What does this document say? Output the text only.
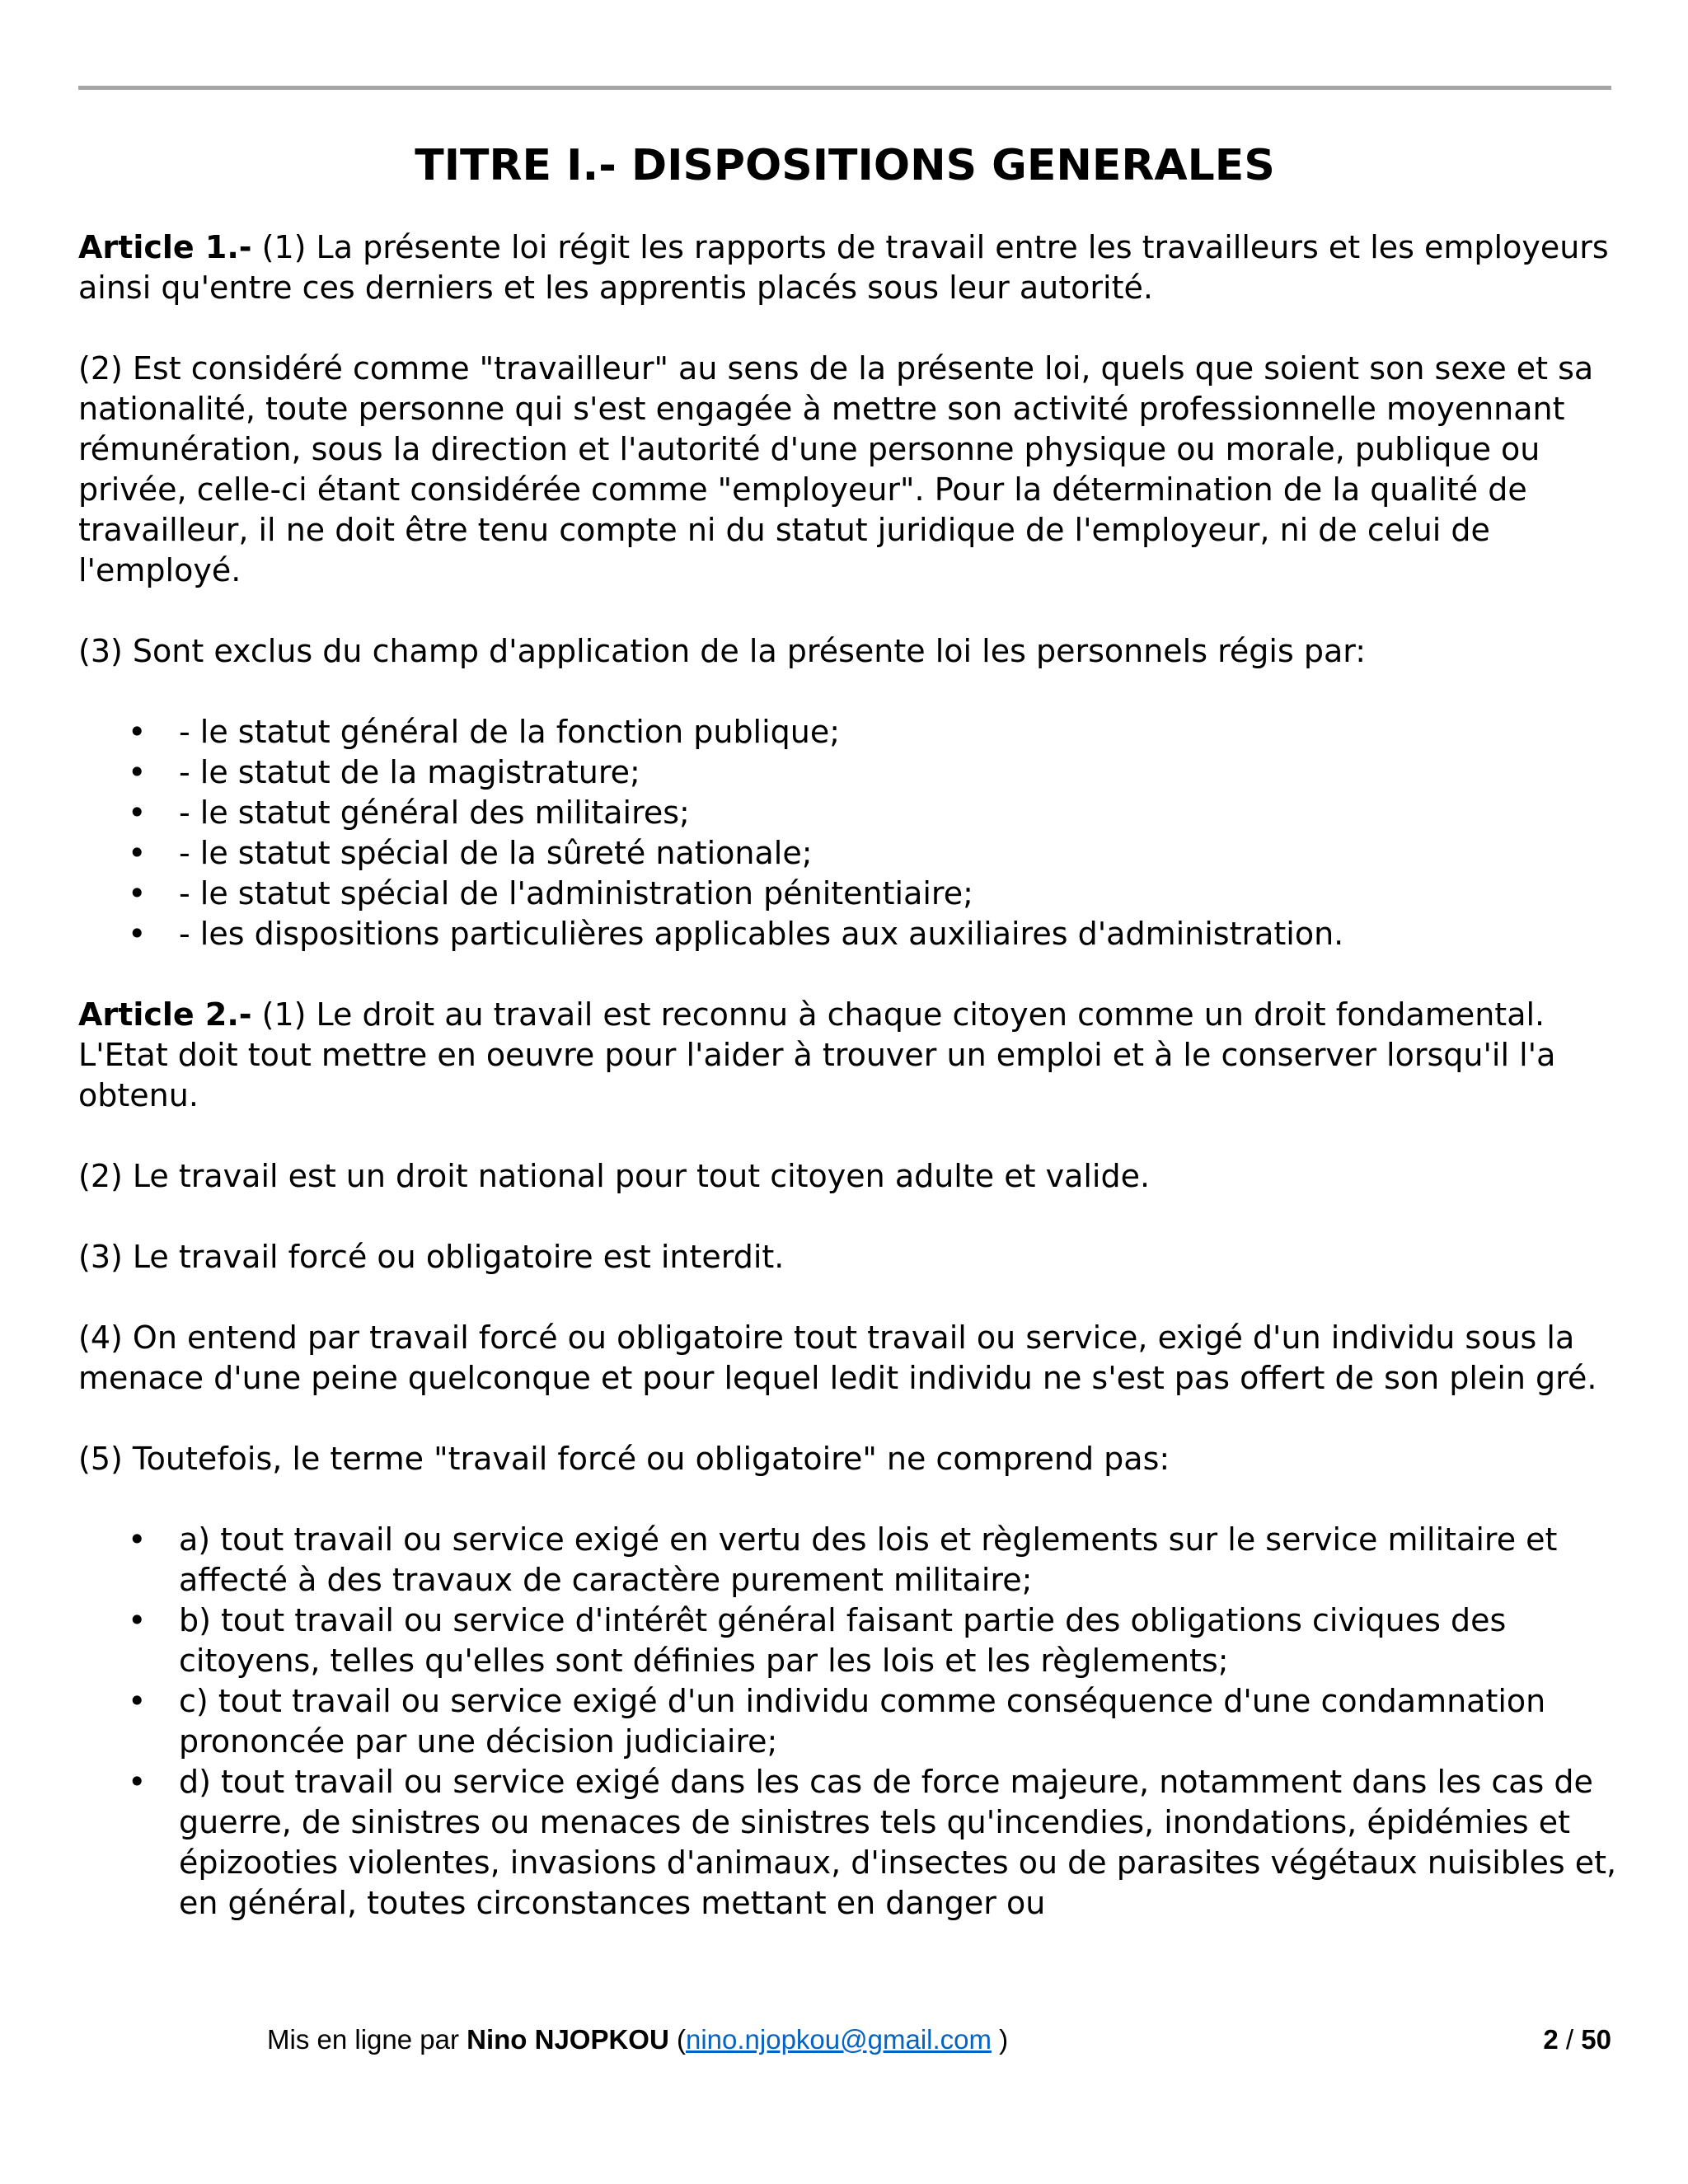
TITRE I.- DISPOSITIONS GENERALES

Article 1.- (1) La présente loi régit les rapports de travail entre les travailleurs et les employeurs ainsi qu'entre ces derniers et les apprentis placés sous leur autorité.

(2) Est considéré comme "travailleur" au sens de la présente loi, quels que soient son sexe et sa nationalité, toute personne qui s'est engagée à mettre son activité professionnelle moyennant rémunération, sous la direction et l'autorité d'une personne physique ou morale, publique ou privée, celle-ci étant considérée comme "employeur". Pour la détermination de la qualité de travailleur, il ne doit être tenu compte ni du statut juridique de l'employeur, ni de celui de l'employé.

(3) Sont exclus du champ d'application de la présente loi les personnels régis par:

• - le statut général de la fonction publique;
• - le statut de la magistrature;
• - le statut général des militaires;
• - le statut spécial de la sûreté nationale;
• - le statut spécial de l'administration pénitentiaire;
• - les dispositions particulières applicables aux auxiliaires d'administration.

Article 2.- (1) Le droit au travail est reconnu à chaque citoyen comme un droit fondamental. L'Etat doit tout mettre en oeuvre pour l'aider à trouver un emploi et à le conserver lorsqu'il l'a obtenu.

(2) Le travail est un droit national pour tout citoyen adulte et valide.

(3) Le travail forcé ou obligatoire est interdit.

(4) On entend par travail forcé ou obligatoire tout travail ou service, exigé d'un individu sous la menace d'une peine quelconque et pour lequel ledit individu ne s'est pas offert de son plein gré.

(5) Toutefois, le terme "travail forcé ou obligatoire" ne comprend pas:

• a) tout travail ou service exigé en vertu des lois et règlements sur le service militaire et affecté à des travaux de caractère purement militaire;
• b) tout travail ou service d'intérêt général faisant partie des obligations civiques des citoyens, telles qu'elles sont définies par les lois et les règlements;
• c) tout travail ou service exigé d'un individu comme conséquence d'une condamnation prononcée par une décision judiciaire;
• d) tout travail ou service exigé dans les cas de force majeure, notamment dans les cas de guerre, de sinistres ou menaces de sinistres tels qu'incendies, inondations, épidémies et épizooties violentes, invasions d'animaux, d'insectes ou de parasites végétaux nuisibles et, en général, toutes circonstances mettant en danger ou
Mis en ligne par Nino NJOPKOU (nino.njopkou@gmail.com )	2 / 50
